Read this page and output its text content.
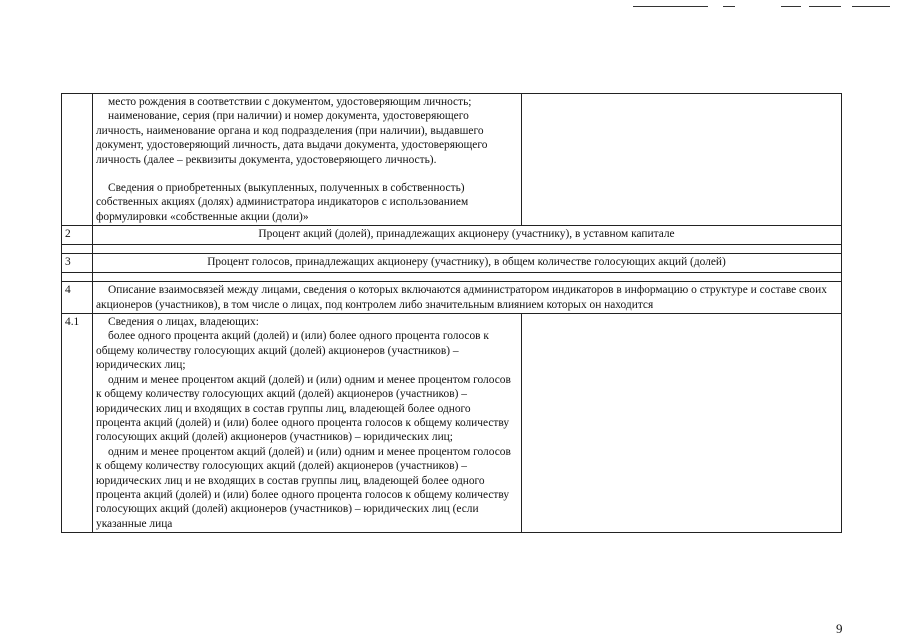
	место рождения в соответствии с документом, удостоверяющим личность;

наименование, серия (при наличии) и номер документа, удостоверяющего личность, наименование органа и код подразделения (при наличии), выдавшего документ, удостоверяющий личность, дата выдачи документа, удостоверяющего личность (далее – реквизиты документа, удостоверяющего личность).

Сведения о приобретенных (выкупленных, полученных в собственность) собственных акциях (долях) администратора индикаторов с использованием формулировки «собственные акции (доли)»	

2	Процент акций (долей), принадлежащих акционеру (участнику), в уставном капитале	

3	Процент голосов, принадлежащих акционеру (участнику), в общем количестве голосующих акций (долей)	

4	Описание взаимосвязей между лицами, сведения о которых включаются администратором индикаторов в информацию о структуре и составе своих акционеров (участников), в том числе о лицах, под контролем либо значительным влиянием которых он находится	

4.1	Сведения о лицах, владеющих:

более одного процента акций (долей) и (или) более одного процента голосов к общему количеству голосующих акций (долей) акционеров (участников) – юридических лиц;

одним и менее процентом акций (долей) и (или) одним и менее процентом голосов к общему количеству голосующих акций (долей) акционеров (участников) – юридических лиц и входящих в состав группы лиц, владеющей более одного процента акций (долей) и (или) более одного процента голосов к общему количеству голосующих акций (долей) акционеров (участников) – юридических лиц;

одним и менее процентом акций (долей) и (или) одним и менее процентом голосов к общему количеству голосующих акций (долей) акционеров (участников) – юридических лиц и не входящих в состав группы лиц, владеющей более одного процента акций (долей) и (или) более одного процента голосов к общему количеству голосующих акций (долей) акционеров (участников) – юридических лиц (если указанные лица	

9
